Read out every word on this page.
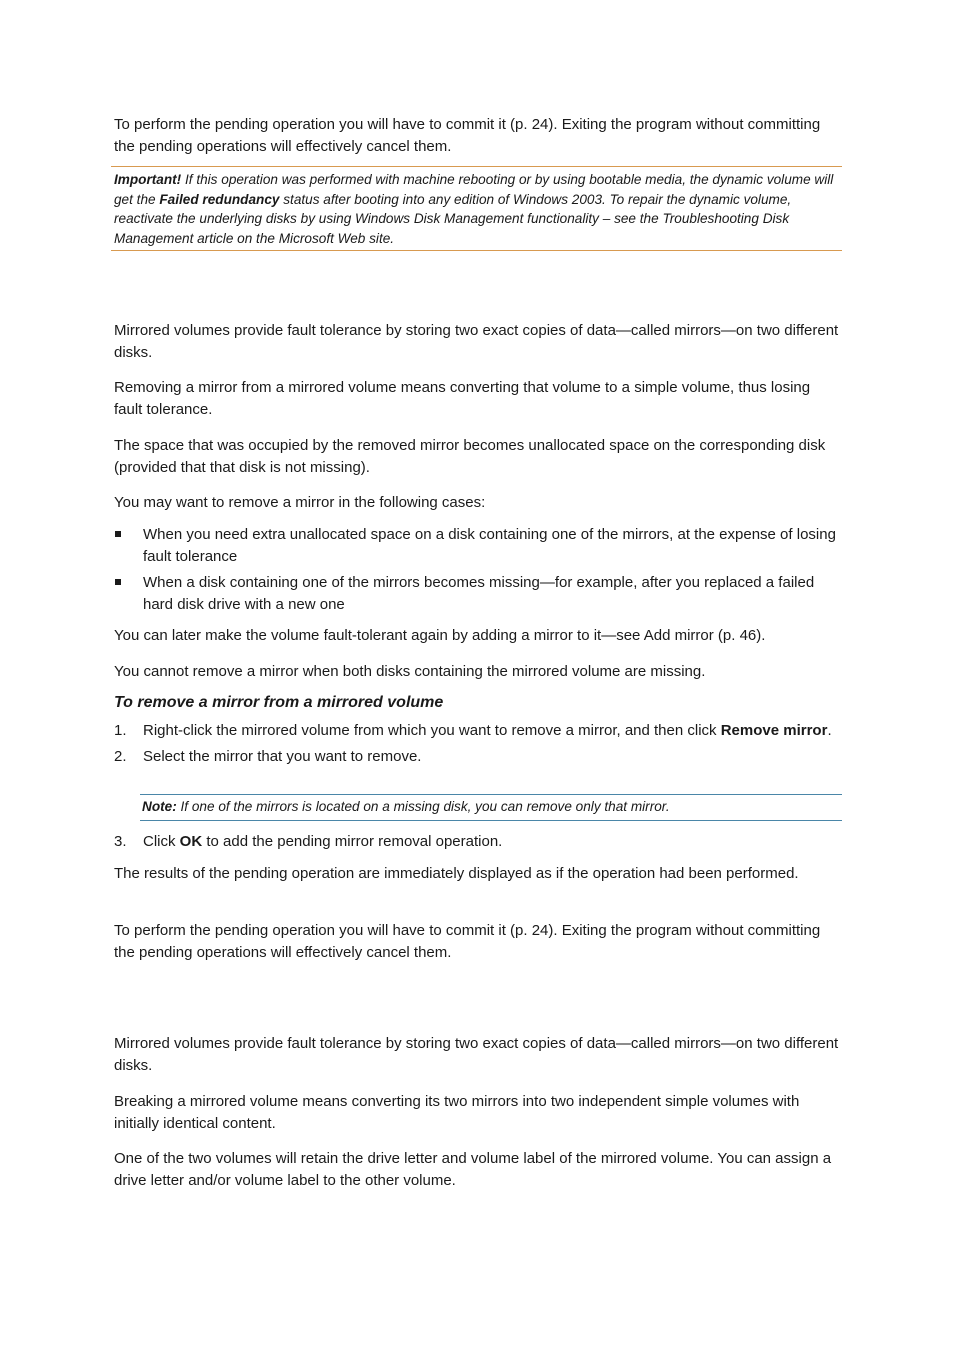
To perform the pending operation you will have to commit it (p. 24). Exiting the program without committing the pending operations will effectively cancel them.

Important! If this operation was performed with machine rebooting or by using bootable media, the dynamic volume will get the Failed redundancy status after booting into any edition of Windows 2003. To repair the dynamic volume, reactivate the underlying disks by using Windows Disk Management functionality – see the Troubleshooting Disk Management article on the Microsoft Web site.

Mirrored volumes provide fault tolerance by storing two exact copies of data—called mirrors—on two different disks.

Removing a mirror from a mirrored volume means converting that volume to a simple volume, thus losing fault tolerance.

The space that was occupied by the removed mirror becomes unallocated space on the corresponding disk (provided that that disk is not missing).

You may want to remove a mirror in the following cases:

When you need extra unallocated space on a disk containing one of the mirrors, at the expense of losing fault tolerance
When a disk containing one of the mirrors becomes missing—for example, after you replaced a failed hard disk drive with a new one

You can later make the volume fault-tolerant again by adding a mirror to it—see Add mirror (p. 46).

You cannot remove a mirror when both disks containing the mirrored volume are missing.

To remove a mirror from a mirrored volume

1. Right-click the mirrored volume from which you want to remove a mirror, and then click Remove mirror.
2. Select the mirror that you want to remove.
Note: If one of the mirrors is located on a missing disk, you can remove only that mirror.
3. Click OK to add the pending mirror removal operation.

The results of the pending operation are immediately displayed as if the operation had been performed.

To perform the pending operation you will have to commit it (p. 24). Exiting the program without committing the pending operations will effectively cancel them.

Mirrored volumes provide fault tolerance by storing two exact copies of data—called mirrors—on two different disks.

Breaking a mirrored volume means converting its two mirrors into two independent simple volumes with initially identical content.

One of the two volumes will retain the drive letter and volume label of the mirrored volume. You can assign a drive letter and/or volume label to the other volume.
